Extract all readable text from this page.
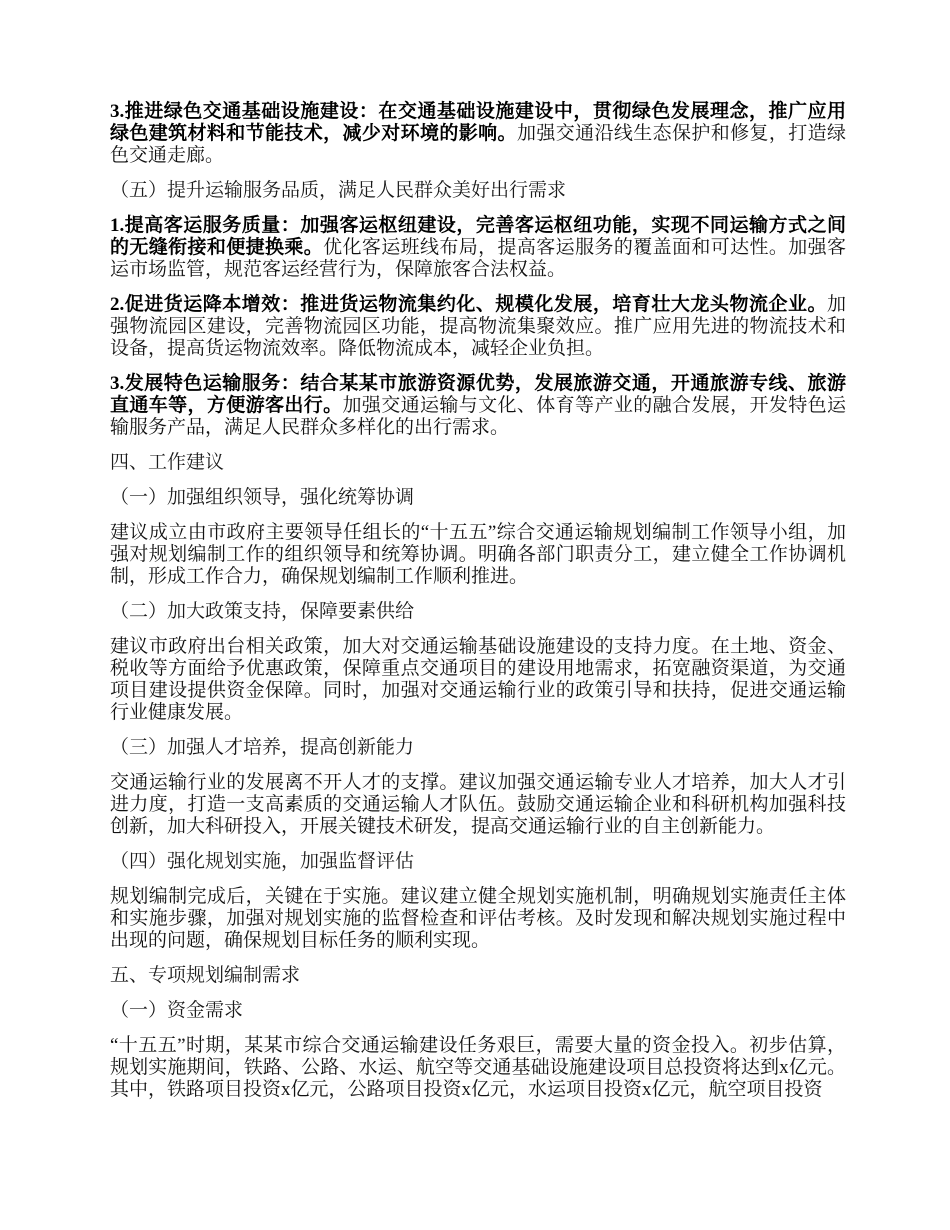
3.推进绿色交通基础设施建设：在交通基础设施建设中，贯彻绿色发展理念，推广应用绿色建筑材料和节能技术，减少对环境的影响。加强交通沿线生态保护和修复，打造绿色交通走廊。

（五）提升运输服务品质，满足人民群众美好出行需求

1.提高客运服务质量：加强客运枢纽建设，完善客运枢纽功能，实现不同运输方式之间的无缝衔接和便捷换乘。优化客运班线布局，提高客运服务的覆盖面和可达性。加强客运市场监管，规范客运经营行为，保障旅客合法权益。

2.促进货运降本增效：推进货运物流集约化、规模化发展，培育壮大龙头物流企业。加强物流园区建设，完善物流园区功能，提高物流集聚效应。推广应用先进的物流技术和设备，提高货运物流效率。降低物流成本，减轻企业负担。

3.发展特色运输服务：结合某某市旅游资源优势，发展旅游交通，开通旅游专线、旅游直通车等，方便游客出行。加强交通运输与文化、体育等产业的融合发展，开发特色运输服务产品，满足人民群众多样化的出行需求。

四、工作建议

（一）加强组织领导，强化统筹协调

建议成立由市政府主要领导任组长的“十五五”综合交通运输规划编制工作领导小组，加强对规划编制工作的组织领导和统筹协调。明确各部门职责分工，建立健全工作协调机制，形成工作合力，确保规划编制工作顺利推进。

（二）加大政策支持，保障要素供给

建议市政府出台相关政策，加大对交通运输基础设施建设的支持力度。在土地、资金、税收等方面给予优惠政策，保障重点交通项目的建设用地需求，拓宽融资渠道，为交通项目建设提供资金保障。同时，加强对交通运输行业的政策引导和扶持，促进交通运输行业健康发展。

（三）加强人才培养，提高创新能力

交通运输行业的发展离不开人才的支撑。建议加强交通运输专业人才培养，加大人才引进力度，打造一支高素质的交通运输人才队伍。鼓励交通运输企业和科研机构加强科技创新，加大科研投入，开展关键技术研发，提高交通运输行业的自主创新能力。

（四）强化规划实施，加强监督评估

规划编制完成后，关键在于实施。建议建立健全规划实施机制，明确规划实施责任主体和实施步骤，加强对规划实施的监督检查和评估考核。及时发现和解决规划实施过程中出现的问题，确保规划目标任务的顺利实现。

五、专项规划编制需求

（一）资金需求

“十五五”时期，某某市综合交通运输建设任务艰巨，需要大量的资金投入。初步估算，规划实施期间，铁路、公路、水运、航空等交通基础设施建设项目总投资将达到x亿元。其中，铁路项目投资x亿元，公路项目投资x亿元，水运项目投资x亿元，航空项目投资
